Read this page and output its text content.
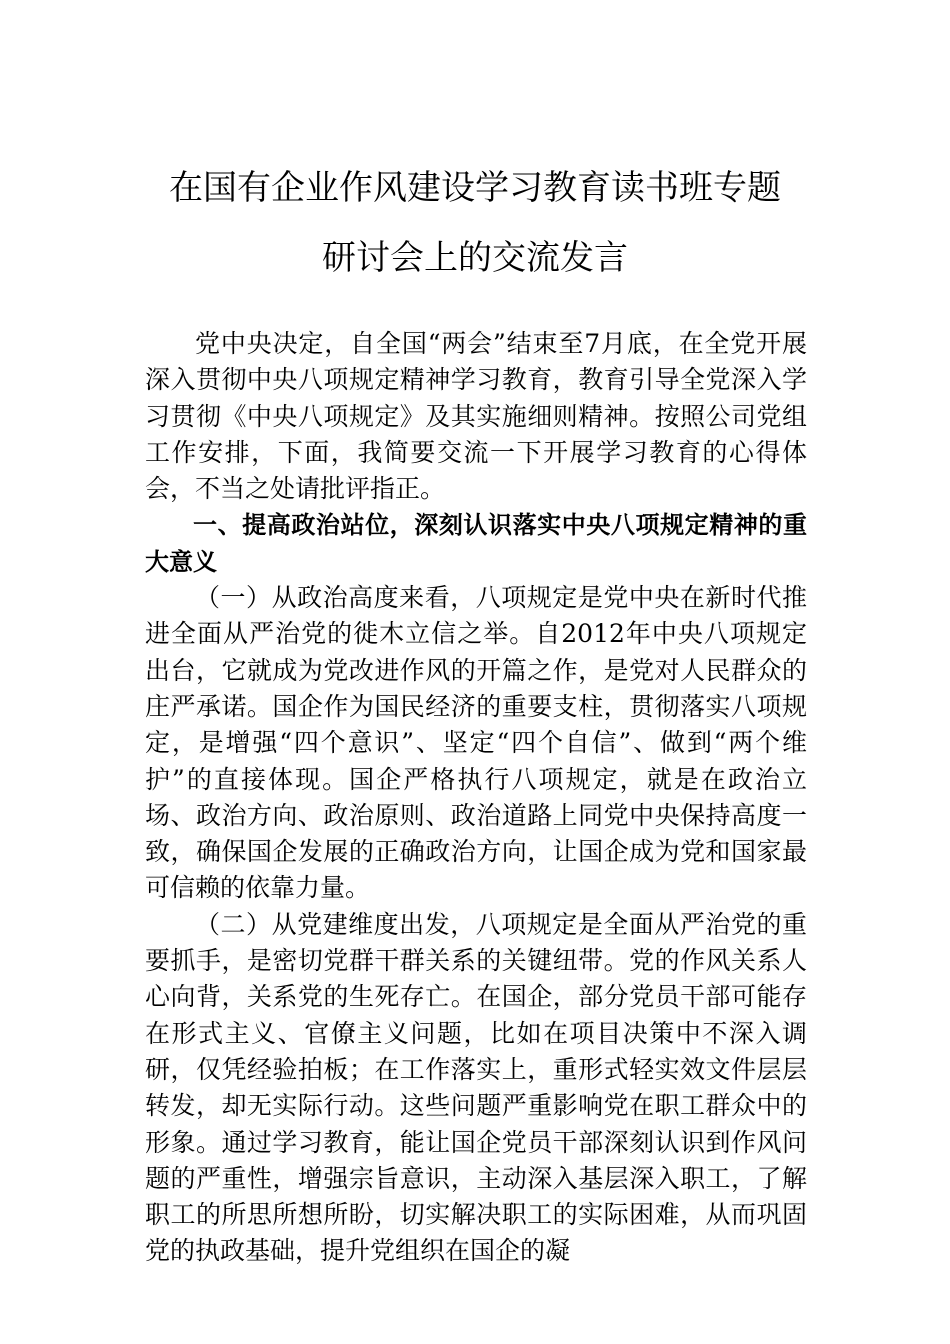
在国有企业作风建设学习教育读书班专题
研讨会上的交流发言

党中央决定，自全国“两会”结束至7月底，在全党开展深入贯彻中央八项规定精神学习教育，教育引导全党深入学习贯彻《中央八项规定》及其实施细则精神。按照公司党组工作安排，下面，我简要交流一下开展学习教育的心得体会，不当之处请批评指正。

一、提高政治站位，深刻认识落实中央八项规定精神的重大意义

（一）从政治高度来看，八项规定是党中央在新时代推进全面从严治党的徙木立信之举。自2012年中央八项规定出台，它就成为党改进作风的开篇之作，是党对人民群众的庄严承诺。国企作为国民经济的重要支柱，贯彻落实八项规定，是增强“四个意识”、坚定“四个自信”、做到“两个维护”的直接体现。国企严格执行八项规定，就是在政治立场、政治方向、政治原则、政治道路上同党中央保持高度一致，确保国企发展的正确政治方向，让国企成为党和国家最可信赖的依靠力量。

（二）从党建维度出发，八项规定是全面从严治党的重要抓手，是密切党群干群关系的关键纽带。党的作风关系人心向背，关系党的生死存亡。在国企，部分党员干部可能存在形式主义、官僚主义问题，比如在项目决策中不深入调研，仅凭经验拍板；在工作落实上，重形式轻实效文件层层转发，却无实际行动。这些问题严重影响党在职工群众中的形象。通过学习教育，能让国企党员干部深刻认识到作风问题的严重性，增强宗旨意识，主动深入基层深入职工，了解职工的所思所想所盼，切实解决职工的实际困难，从而巩固党的执政基础，提升党组织在国企的凝
